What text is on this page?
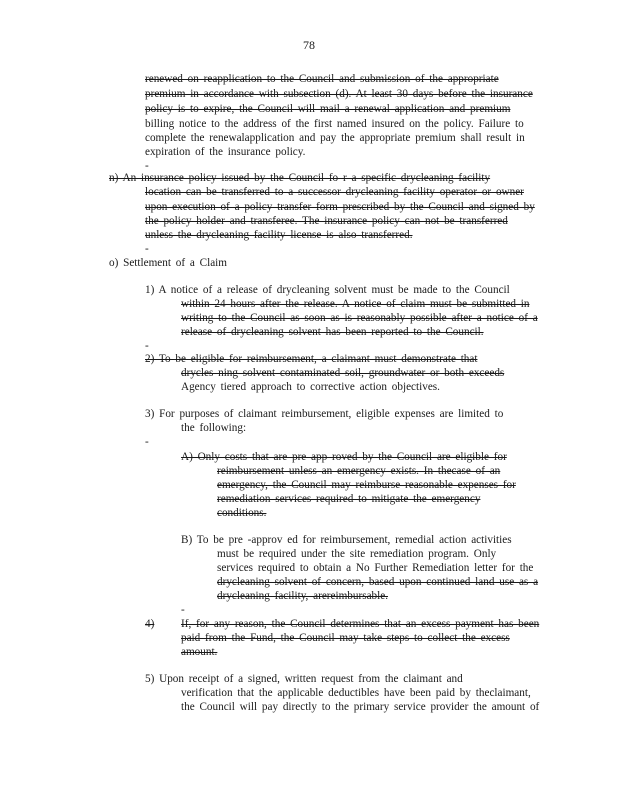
78
renewed on reapplication to the Council and submission of the appropriate
premium in accordance with subsection (d). At least 30 days before the insurance
policy is to expire, the Council will mail a renewal application and premium
billing notice to the address of the first named insured on the policy. Failure to
complete the renewalapplication and pay the appropriate premium shall result in
expiration of the insurance policy.
-
n) An insurance policy issued by the Council fo r a specific drycleaning facility
location can be transferred to a successor drycleaning facility operator or owner
upon execution of a policy transfer form prescribed by the Council and signed by
the policy holder and transferee. The insurance policy can not be transferred
unless the drycleaning facility license is also transferred.
-
o) Settlement of a Claim
1) A notice of a release of drycleaning solvent must be made to the Council
within 24 hours after the release. A notice of claim must be submitted in
writing to the Council as soon as is reasonably possible after a notice of a
release of drycleaning solvent has been reported to the Council.
-
2) To be eligible for reimbursement, a claimant must demonstrate that
drycles ning solvent contaminated soil, groundwater or both exceeds
Agency tiered approach to corrective action objectives.
3) For purposes of claimant reimbursement, eligible expenses are limited to
the following:
-
A) Only costs that are pre app roved by the Council are eligible for
reimbursement unless an emergency exists. In thecase of an
emergency, the Council may reimburse reasonable expenses for
remediation services required to mitigate the emergency
conditions.
B) To be pre -approv ed for reimbursement, remedial action activities
must be required under the site remediation program. Only
services required to obtain a No Further Remediation letter for the
drycleaning solvent of concern, based upon continued land use as a
drycleaning facility, arereimbursable.
-
4) If, for any reason, the Council determines that an excess payment has been
paid from the Fund, the Council may take steps to collect the excess
amount.
5) Upon receipt of a signed, written request from the claimant and
verification that the applicable deductibles have been paid by theclaimant,
the Council will pay directly to the primary service provider the amount of
